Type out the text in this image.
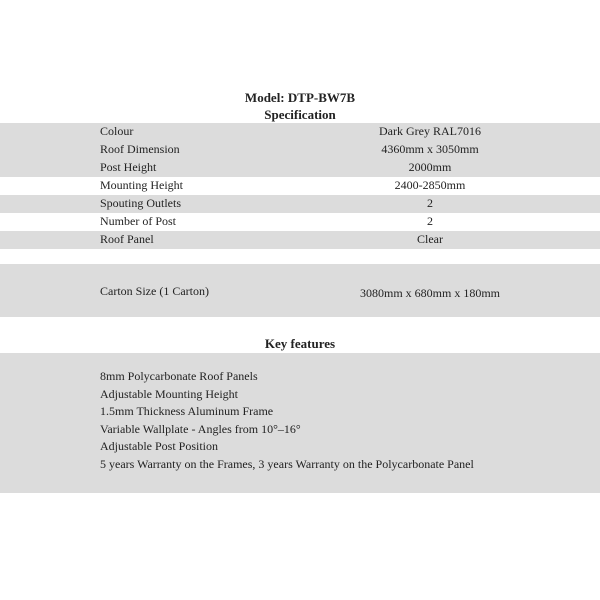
Model: DTP-BW7B
Specification
Colour	Dark Grey RAL7016
Roof Dimension	4360mm x 3050mm
Post Height	2000mm
Mounting Height	2400-2850mm
Spouting Outlets	2
Number of Post	2
Roof Panel	Clear
Carton Size (1 Carton)	3080mm x 680mm x 180mm
Key features
8mm Polycarbonate Roof Panels
Adjustable Mounting Height
1.5mm Thickness Aluminum Frame
Variable Wallplate - Angles from 10°–16°
Adjustable Post Position
5 years Warranty on the Frames, 3 years Warranty on the Polycarbonate Panel
